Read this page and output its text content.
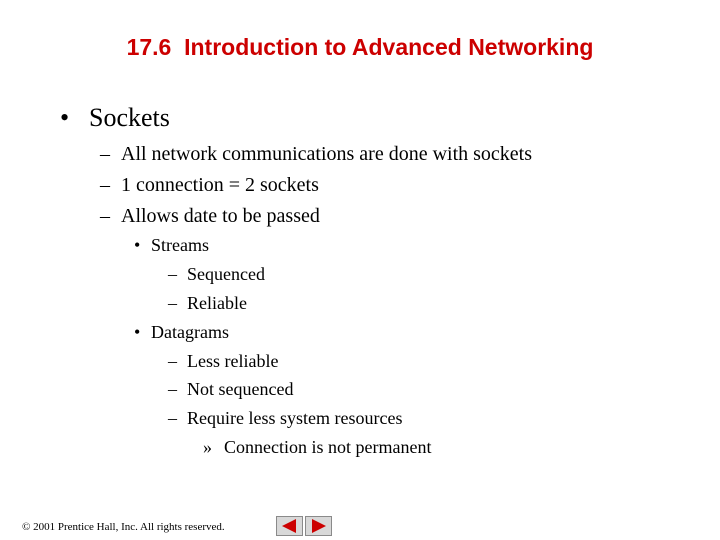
17.6  Introduction to Advanced Networking
• Sockets
– All network communications are done with sockets
– 1 connection = 2 sockets
– Allows date to be passed
• Streams
– Sequenced
– Reliable
• Datagrams
– Less reliable
– Not sequenced
– Require less system resources
» Connection is not permanent
© 2001 Prentice Hall, Inc. All rights reserved.
